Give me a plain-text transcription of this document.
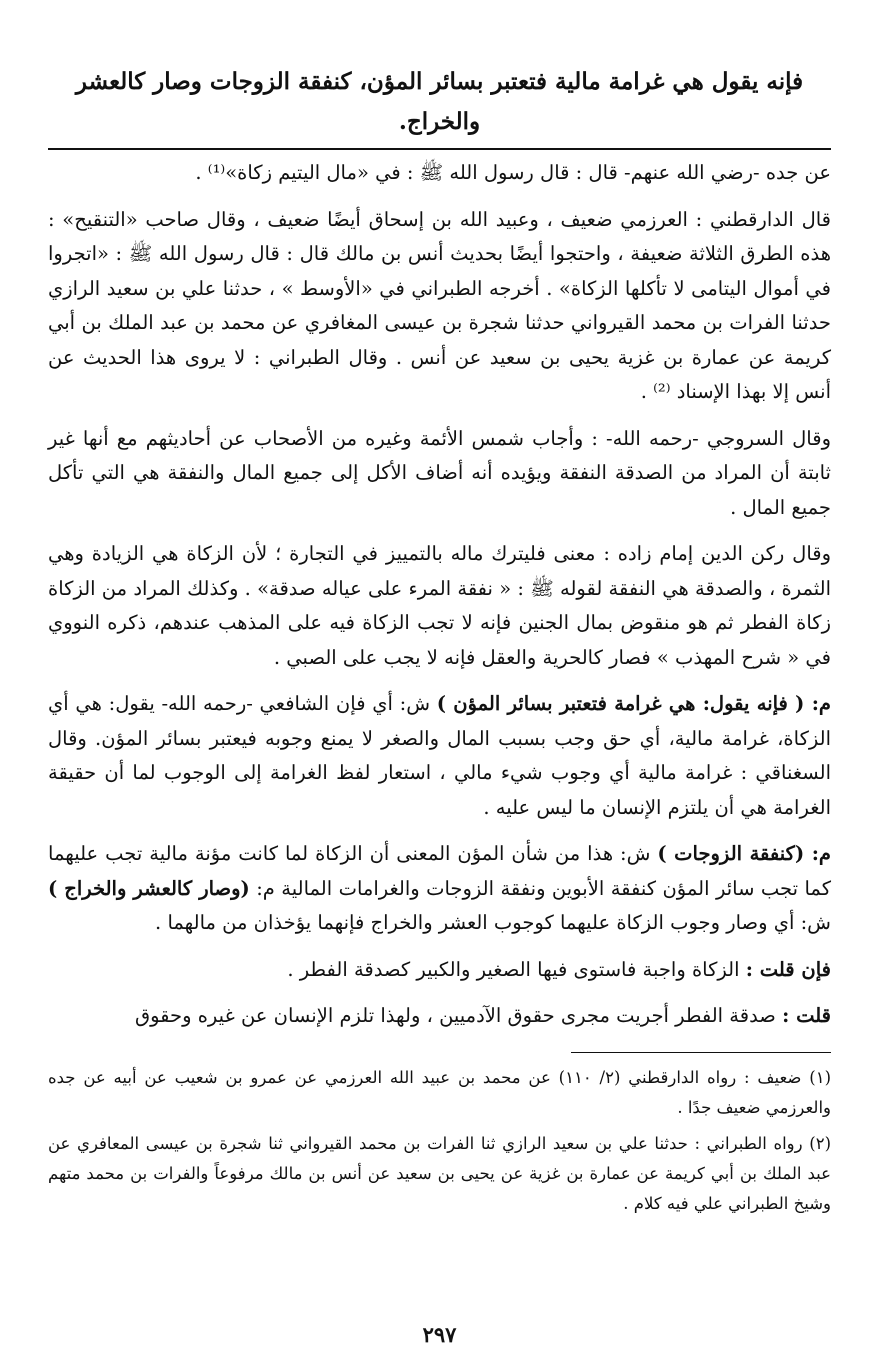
فإنه يقول هي غرامة مالية فتعتبر بسائر المؤن، كنفقة الزوجات وصار كالعشر والخراج.

عن جده -رضي الله عنهم- قال : قال رسول الله ﷺ : في «مال اليتيم زكاة»⁽¹⁾ .

قال الدارقطني : العرزمي ضعيف ، وعبيد الله بن إسحاق أيضًا ضعيف ، وقال صاحب «التنقيح» : هذه الطرق الثلاثة ضعيفة ، واحتجوا أيضًا بحديث أنس بن مالك قال : قال رسول الله ﷺ : «اتجروا في أموال اليتامى لا تأكلها الزكاة» . أخرجه الطبراني في «الأوسط » ، حدثنا علي بن سعيد الرازي حدثنا الفرات بن محمد القيرواني حدثنا شجرة بن عيسى المغافري عن محمد بن عبد الملك بن أبي كريمة عن عمارة بن غزية يحيى بن سعيد عن أنس . وقال الطبراني : لا يروى هذا الحديث عن أنس إلا بهذا الإسناد ⁽²⁾ .

وقال السروجي -رحمه الله- : وأجاب شمس الأئمة وغيره من الأصحاب عن أحاديثهم مع أنها غير ثابتة أن المراد من الصدقة النفقة ويؤيده أنه أضاف الأكل إلى جميع المال والنفقة هي التي تأكل جميع المال .

وقال ركن الدين إمام زاده : معنى فليترك ماله بالتمييز في التجارة ؛ لأن الزكاة هي الزيادة وهي الثمرة ، والصدقة هي النفقة لقوله ﷺ : « نفقة المرء على عياله صدقة» . وكذلك المراد من الزكاة زكاة الفطر ثم هو منقوض بمال الجنين فإنه لا تجب الزكاة فيه على المذهب عندهم، ذكره النووي في « شرح المهذب » فصار كالحرية والعقل فإنه لا يجب على الصبي .

م: ( فإنه يقول: هي غرامة فتعتبر بسائر المؤن ) ش: أي فإن الشافعي -رحمه الله- يقول: هي أي الزكاة، غرامة مالية، أي حق وجب بسبب المال والصغر لا يمنع وجوبه فيعتبر بسائر المؤن. وقال السغناقي : غرامة مالية أي وجوب شيء مالي ، استعار لفظ الغرامة إلى الوجوب لما أن حقيقة الغرامة هي أن يلتزم الإنسان ما ليس عليه .

م: (كنفقة الزوجات ) ش: هذا من شأن المؤن المعنى أن الزكاة لما كانت مؤنة مالية تجب عليهما كما تجب سائر المؤن كنفقة الأبوين ونفقة الزوجات والغرامات المالية م: (وصار كالعشر والخراج ) ش: أي وصار وجوب الزكاة عليهما كوجوب العشر والخراج فإنهما يؤخذان من مالهما .

فإن قلت : الزكاة واجبة فاستوى فيها الصغير والكبير كصدقة الفطر .

قلت : صدقة الفطر أجريت مجرى حقوق الآدميين ، ولهذا تلزم الإنسان عن غيره وحقوق

(١) ضعيف : رواه الدارقطني (٢/ ١١٠) عن محمد بن عبيد الله العرزمي عن عمرو بن شعيب عن أبيه عن جده والعرزمي ضعيف جدًا .

(٢) رواه الطبراني : حدثنا علي بن سعيد الرازي ثنا الفرات بن محمد القيرواني ثنا شجرة بن عيسى المعافري عن عبد الملك بن أبي كريمة عن عمارة بن غزية عن يحيى بن سعيد عن أنس بن مالك مرفوعاً والفرات بن محمد متهم وشيخ الطبراني علي فيه كلام .

٢٩٧
